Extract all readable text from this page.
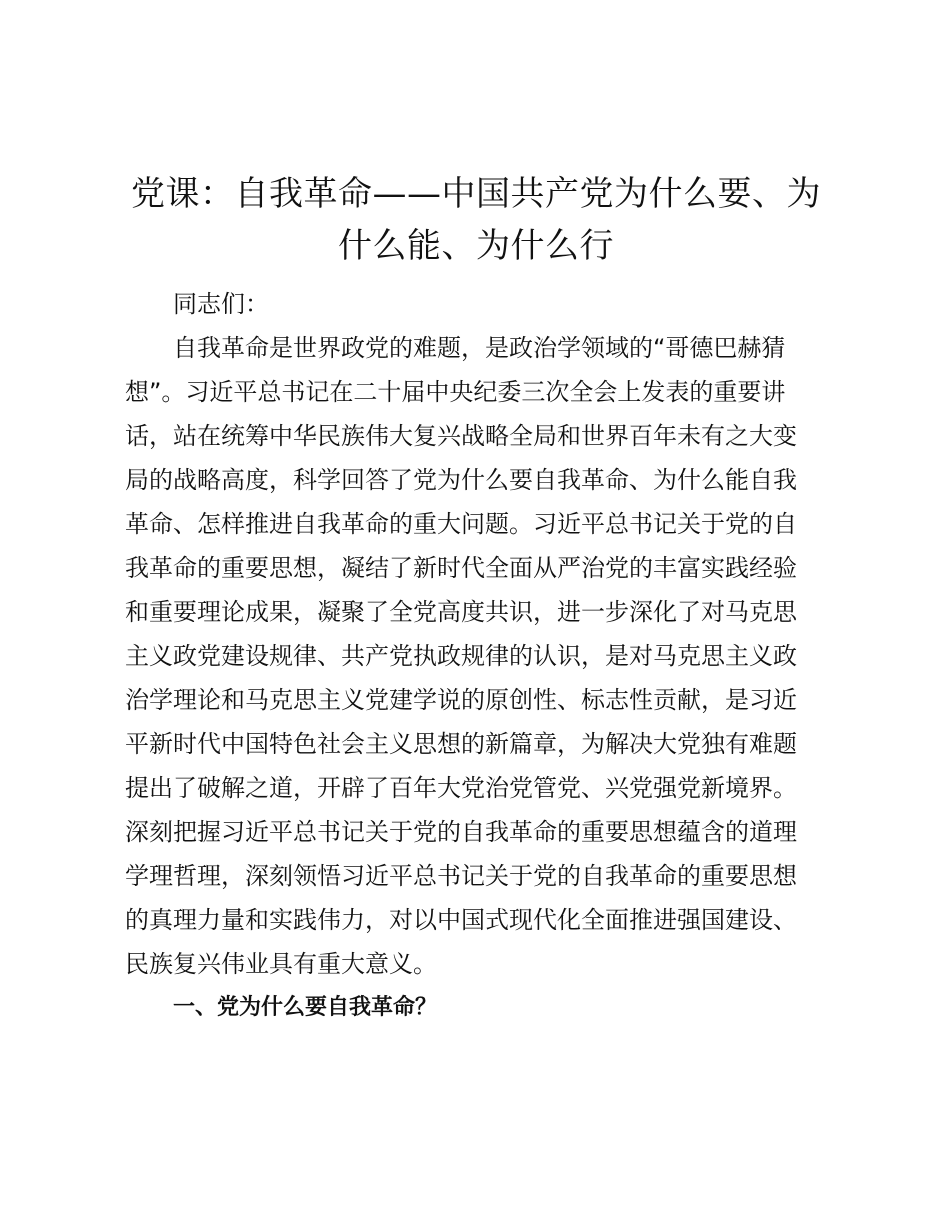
党课：自我革命——中国共产党为什么要、为
什么能、为什么行
同志们：
自我革命是世界政党的难题，是政治学领域的“哥德巴赫猜
想”。习近平总书记在二十届中央纪委三次全会上发表的重要讲
话，站在统筹中华民族伟大复兴战略全局和世界百年未有之大变
局的战略高度，科学回答了党为什么要自我革命、为什么能自我
革命、怎样推进自我革命的重大问题。习近平总书记关于党的自
我革命的重要思想，凝结了新时代全面从严治党的丰富实践经验
和重要理论成果，凝聚了全党高度共识，进一步深化了对马克思
主义政党建设规律、共产党执政规律的认识，是对马克思主义政
治学理论和马克思主义党建学说的原创性、标志性贡献，是习近
平新时代中国特色社会主义思想的新篇章，为解决大党独有难题
提出了破解之道，开辟了百年大党治党管党、兴党强党新境界。
深刻把握习近平总书记关于党的自我革命的重要思想蕴含的道理
学理哲理，深刻领悟习近平总书记关于党的自我革命的重要思想
的真理力量和实践伟力，对以中国式现代化全面推进强国建设、
民族复兴伟业具有重大意义。
一、党为什么要自我革命？
